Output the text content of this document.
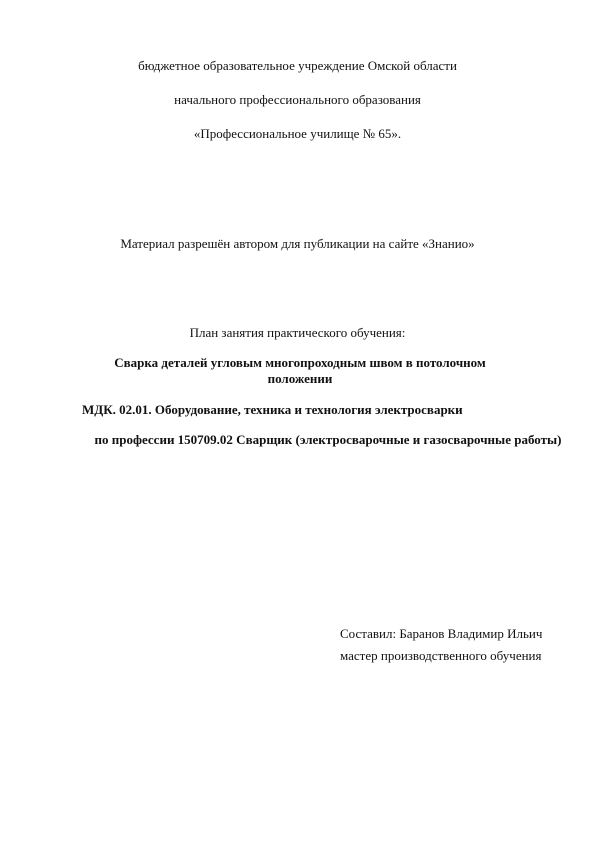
бюджетное образовательное учреждение Омской области
начального профессионального образования
«Профессиональное училище № 65».
Материал разрешён автором для публикации на сайте «Знанио»
План занятия практического обучения:
Сварка деталей угловым многопроходным швом в потолочном положении
МДК. 02.01. Оборудование, техника и технология электросварки
по профессии 150709.02 Сварщик (электросварочные и газосварочные работы)
Составил: Баранов Владимир Ильич
мастер производственного обучения
